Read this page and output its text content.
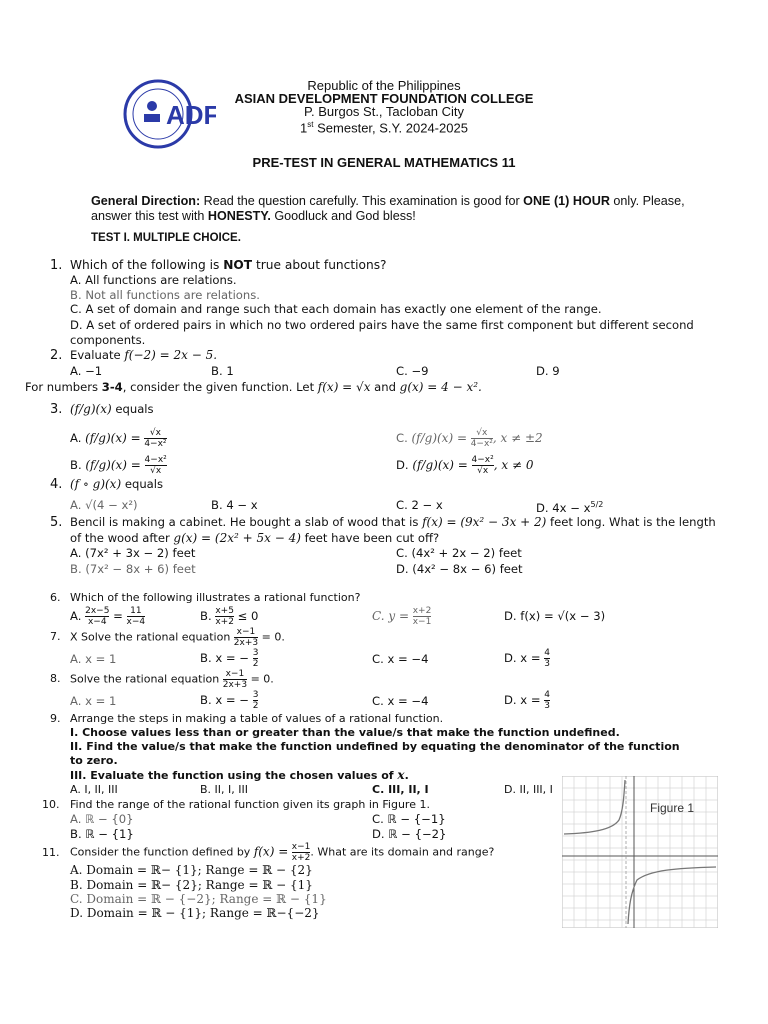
ADF
Republic of the Philippines
ASIAN DEVELOPMENT FOUNDATION COLLEGE
P. Burgos St., Tacloban City
1st Semester, S.Y. 2024-2025
PRE-TEST IN GENERAL MATHEMATICS 11
General Direction: Read the question carefully. This examination is good for ONE (1) HOUR only. Please, answer this test with HONESTY. Goodluck and God bless!
TEST I. MULTIPLE CHOICE.
1. Which of the following is NOT true about functions?
A. All functions are relations.
B. Not all functions are relations.
C. A set of domain and range such that each domain has exactly one element of the range.
D. A set of ordered pairs in which no two ordered pairs have the same first component but different second
components.
2. Evaluate f(−2) = 2x − 5.
A. −1	B. 1	C. −9	D. 9
For numbers 3-4, consider the given function. Let f(x) = √x and g(x) = 4 − x².
3. (f/g)(x) equals
A. $(f/g)(x) = \frac{√x}{\text{4−x²}}$
B. $(f/g)(x) = \frac{\text{4−x²}}{√x}$
C. $(f/g)(x) = \frac{√x}{\text{4−x²}}$ , x ≠ ±2
D. $(f/g)(x) = \frac{\text{4−x²}}{√x}$ , x ≠ 0
4. (f ∘ g)(x) equals
A. √(4 − x²)	B. 4 − x	C. 2 − x	D. $4x - x^{5/2}$
5. Bencil is making a cabinet. He bought a slab of wood that is f(x) = (9x² − 3x + 2) feet long. What is the length
of the wood after g(x) = (2x² + 5x − 4) feet have been cut off?
A. (7x² + 3x − 2) feet
B. (7x² − 8x + 6) feet
C. (4x² + 2x − 2) feet
D. (4x² − 8x − 6) feet
6. Which of the following illustrates a rational function?
A. $\frac{2x-5}{x-4} = \frac{11}{x-4}$	B. $\frac{x+5}{x+2} \le 0$	C. $y = \frac{x+2}{x-1}$	D. f(x) = √(x − 3)
7. X Solve the rational equation $\frac{x-1}{2x+3} = 0$.
A. x = 1	B. x = − $\frac{3}{2}$	C. x = −4	D. $x = \frac{4}{3}$
8. Solve the rational equation $\frac{x-1}{2x+3} = 0$.
A. x = 1	B. x = − $\frac{3}{2}$	C. x = −4	D. $x = \frac{4}{3}$
9. Arrange the steps in making a table of values of a rational function.
I. Choose values less than or greater than the value/s that make the function undefined.
II. Find the value/s that make the function undefined by equating the denominator of the function
to zero.
III. Evaluate the function using the chosen values of x.
A. I, II, III	B. II, I, III	C. III, II, I	D. II, III, I
10. Find the range of the rational function given its graph in Figure 1.
A. ℝ − {0}
B. ℝ − {1}
C. ℝ − {−1}
D. ℝ − {−2}
11. Consider the function defined by $f(x) = \frac{x-1}{x+2}$ . What are its domain and range?
A. Domain = ℝ− {1}; Range = ℝ − {2}
B. Domain = ℝ− {2}; Range = ℝ − {1}
C. Domain = ℝ − {−2}; Range = ℝ − {1}
D. Domain = ℝ − {1}; Range = ℝ−{−2}
Figure 1
